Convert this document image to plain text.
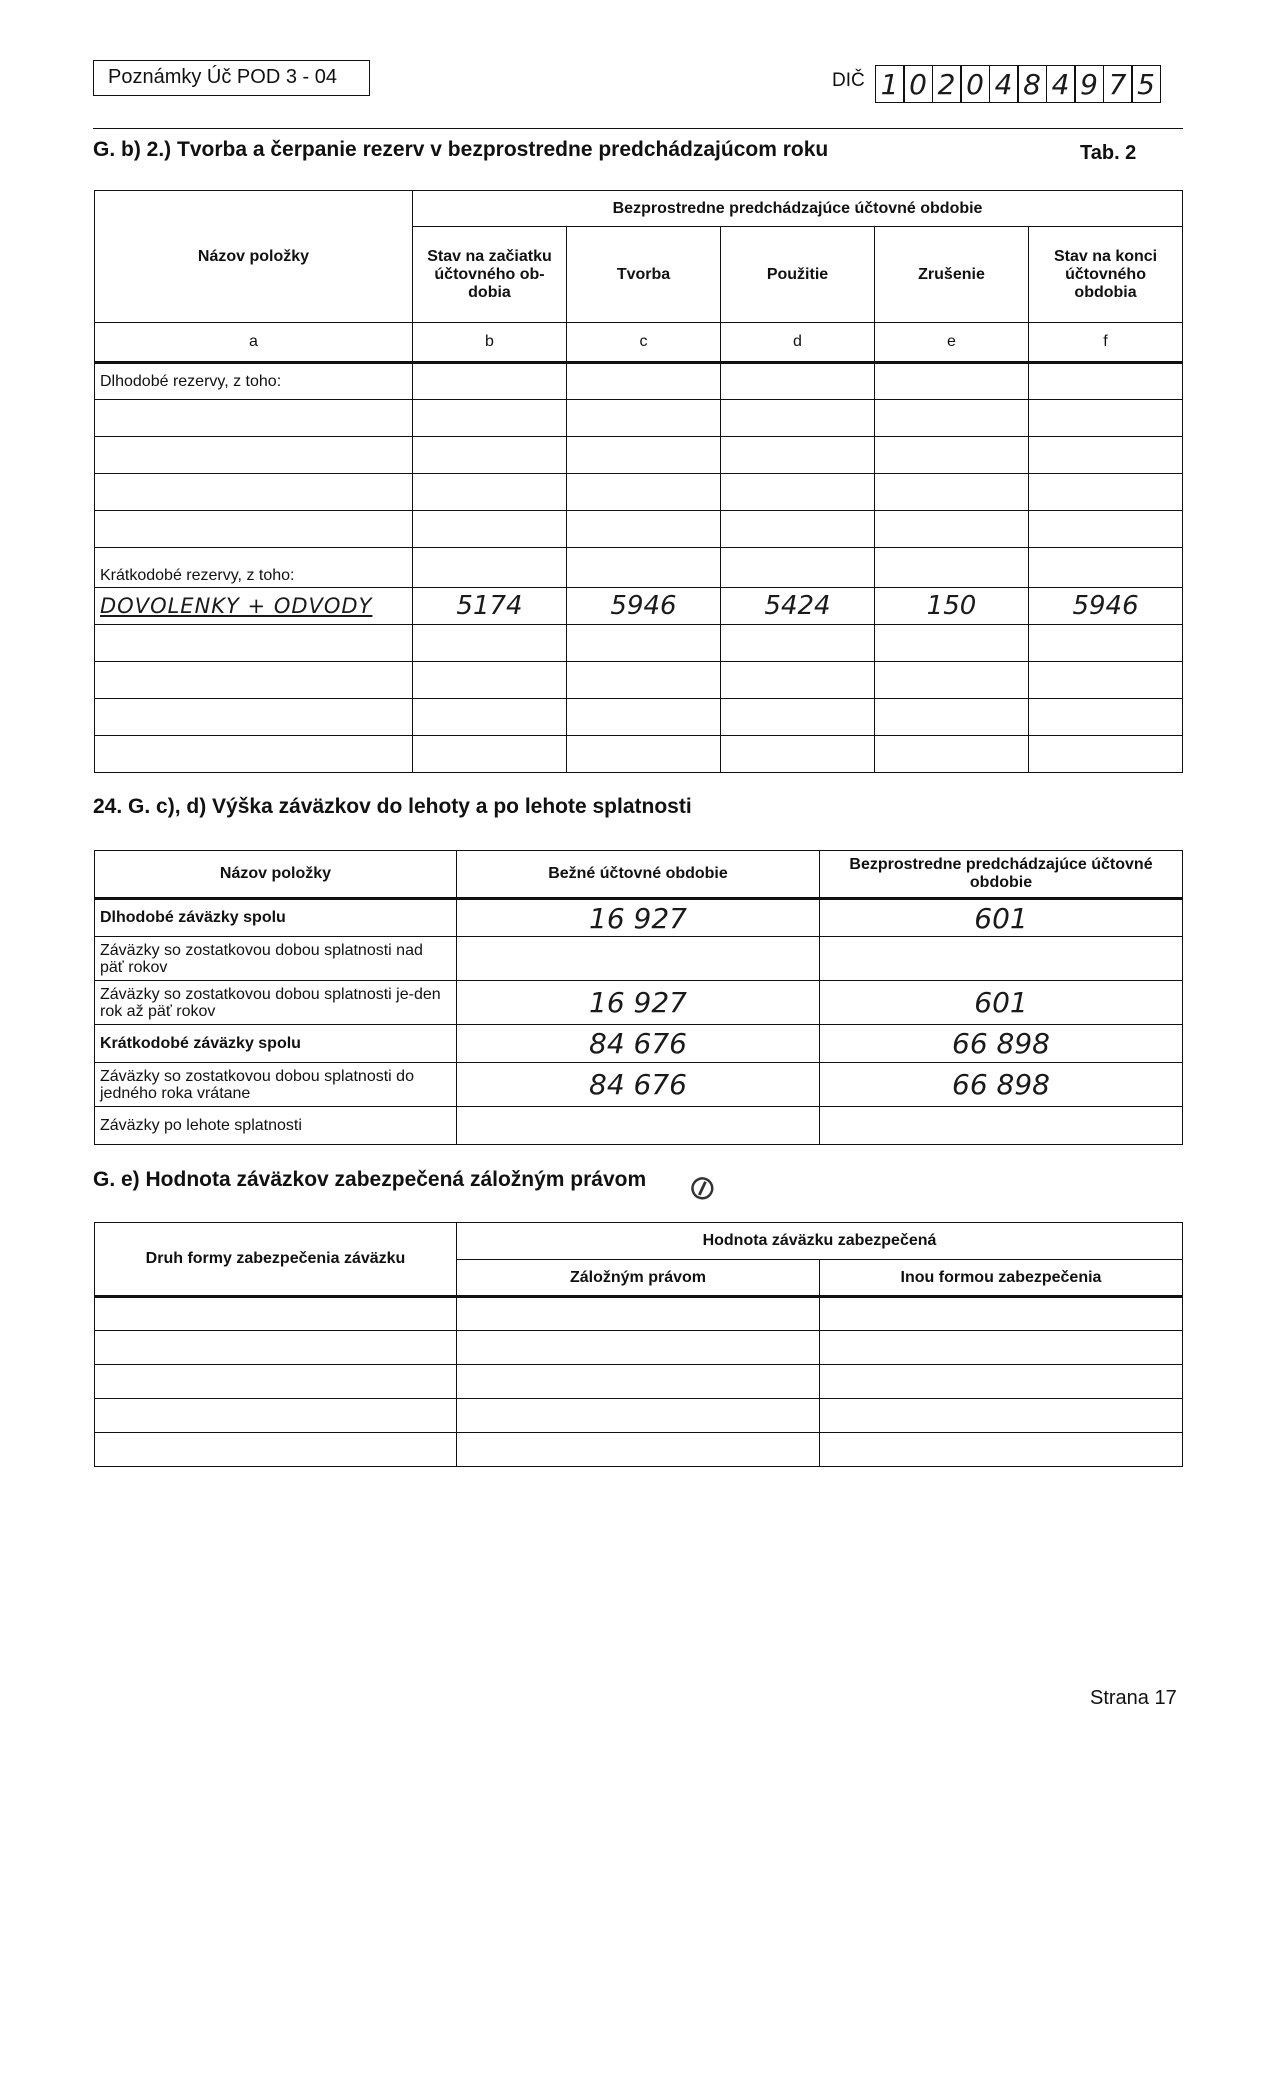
Poznámky Úč POD 3 - 04	DIČ 1 0 2 0 4 8 4 9 7 5
G. b) 2.) Tvorba a čerpanie rezerv v bezprostredne predchádzajúcom roku	Tab. 2
Názov položky	Bezprostredne predchádzajúce účtovné obdobie				
	Stav na začiatku účtovného ob-dobia	Tvorba	Použitie	Zrušenie	Stav na konci účtovného obdobia
a	b	c	d	e	f
Dlhodobé rezervy, z toho:					

Krátkodobé rezervy, z toho:					
DOVOLENKY + ODVODY	5174	5946	5424	150	5946

24. G. c), d) Výška záväzkov do lehoty a po lehote splatnosti
Názov položky	Bežné účtovné obdobie	Bezprostredne predchádzajúce účtovné obdobie
Dlhodobé záväzky spolu	16 927	601
Záväzky so zostatkovou dobou splatnosti nad päť rokov		
Záväzky so zostatkovou dobou splatnosti je-den rok až päť rokov	16 927	601
Krátkodobé záväzky spolu	84 676	66 898
Záväzky so zostatkovou dobou splatnosti do jedného roka vrátane	84 676	66 898
Záväzky po lehote splatnosti		
G. e) Hodnota záväzkov zabezpečená záložným právom ⊘
Druh formy zabezpečenia záväzku	Hodnota záväzku zabezpečená	
	Záložným právom	Inou formou zabezpečenia

Strana 17
